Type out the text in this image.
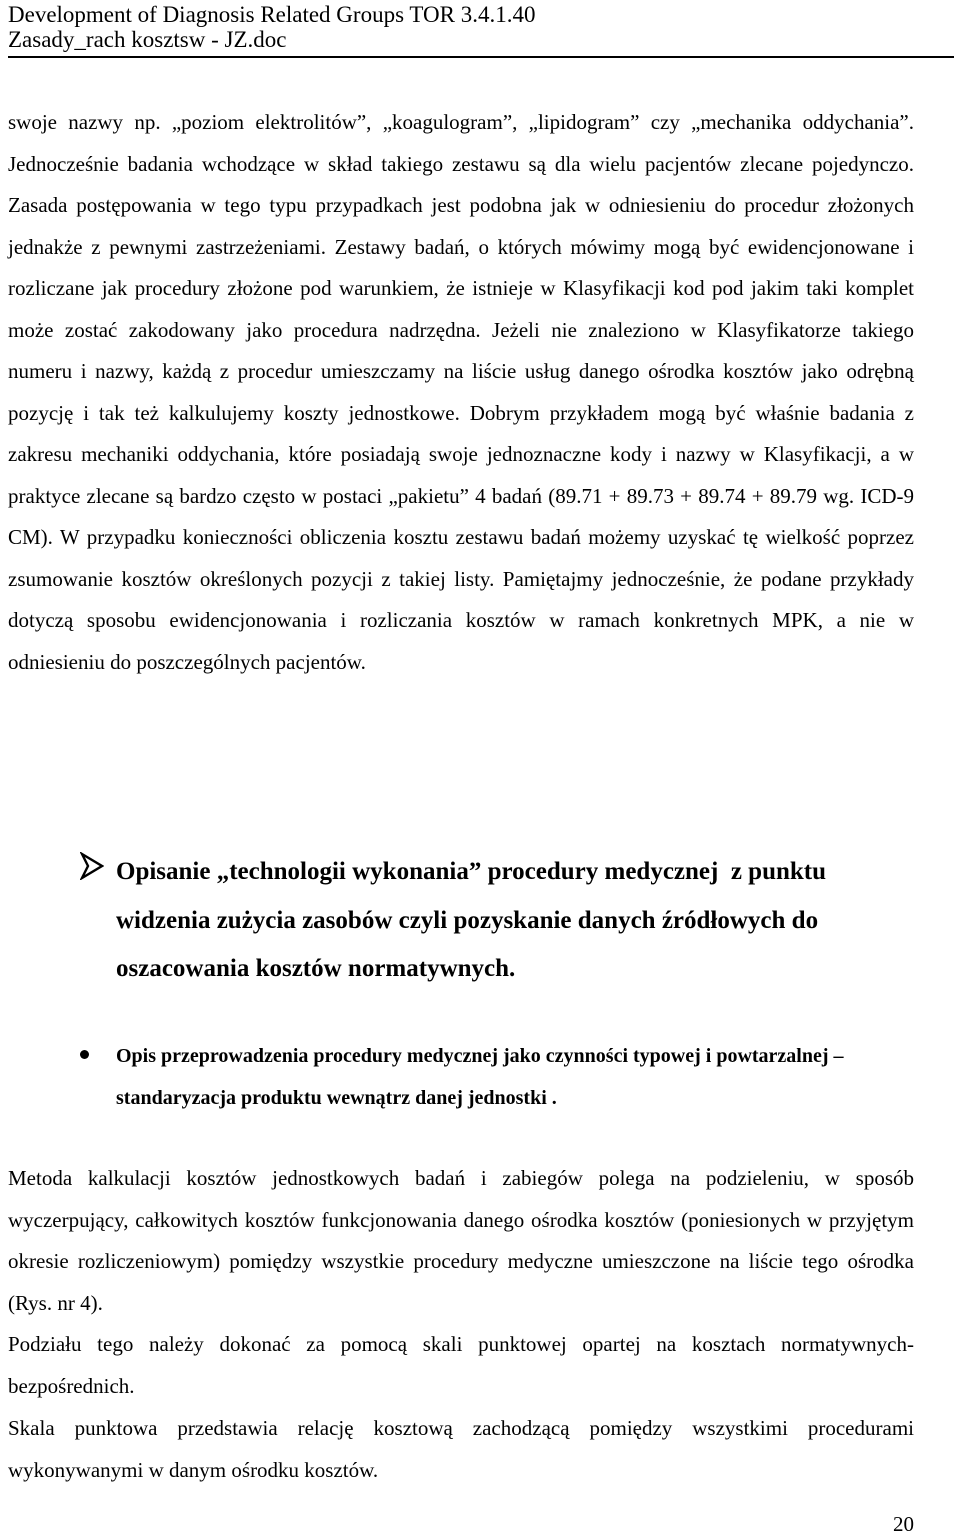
Development of Diagnosis Related Groups TOR 3.4.1.40
Zasady_rach kosztsw - JZ.doc
swoje nazwy np. „poziom elektrolitów”, „koagulogram”, „lipidogram” czy „mechanika oddychania”. Jednocześnie badania wchodzące w skład takiego zestawu są dla wielu pacjentów zlecane pojedynczo. Zasada postępowania w tego typu przypadkach jest podobna jak w odniesieniu do procedur złożonych jednakże z pewnymi zastrzeżeniami. Zestawy badań, o których mówimy mogą być ewidencjonowane i rozliczane jak procedury złożone pod warunkiem, że istnieje w Klasyfikacji kod pod jakim taki komplet może zostać zakodowany jako procedura nadrzędna. Jeżeli nie znaleziono w Klasyfikatorze takiego numeru i nazwy, każdą z procedur umieszczamy na liście usług danego ośrodka kosztów jako odrębną pozycję i tak też kalkulujemy koszty jednostkowe. Dobrym przykładem mogą być właśnie badania z zakresu mechaniki oddychania, które posiadają swoje jednoznaczne kody i nazwy w Klasyfikacji, a w praktyce zlecane są bardzo często w postaci „pakietu” 4 badań (89.71 + 89.73 + 89.74 + 89.79 wg. ICD-9 CM). W przypadku konieczności obliczenia kosztu zestawu badań możemy uzyskać tę wielkość poprzez zsumowanie kosztów określonych pozycji z takiej listy. Pamiętajmy jednocześnie, że podane przykłady dotyczą sposobu ewidencjonowania i rozliczania kosztów w ramach konkretnych MPK, a nie w odniesieniu do poszczególnych pacjentów.
Opisanie „technologii wykonania” procedury medycznej  z punktu widzenia zużycia zasobów czyli pozyskanie danych źródłowych do oszacowania kosztów normatywnych.
Opis przeprowadzenia procedury medycznej jako czynności typowej i powtarzalnej – standaryzacja produktu wewnątrz danej jednostki .
Metoda kalkulacji kosztów jednostkowych badań i zabiegów polega na podzieleniu, w sposób wyczerpujący, całkowitych kosztów funkcjonowania danego ośrodka kosztów (poniesionych w przyjętym okresie rozliczeniowym) pomiędzy wszystkie procedury medyczne umieszczone na liście tego ośrodka (Rys. nr 4).
Podziału tego należy dokonać za pomocą skali punktowej opartej na kosztach normatywnych-bezpośrednich.
Skala punktowa przedstawia relację kosztową zachodzącą pomiędzy wszystkimi procedurami wykonywanymi w danym ośrodku kosztów.
20
